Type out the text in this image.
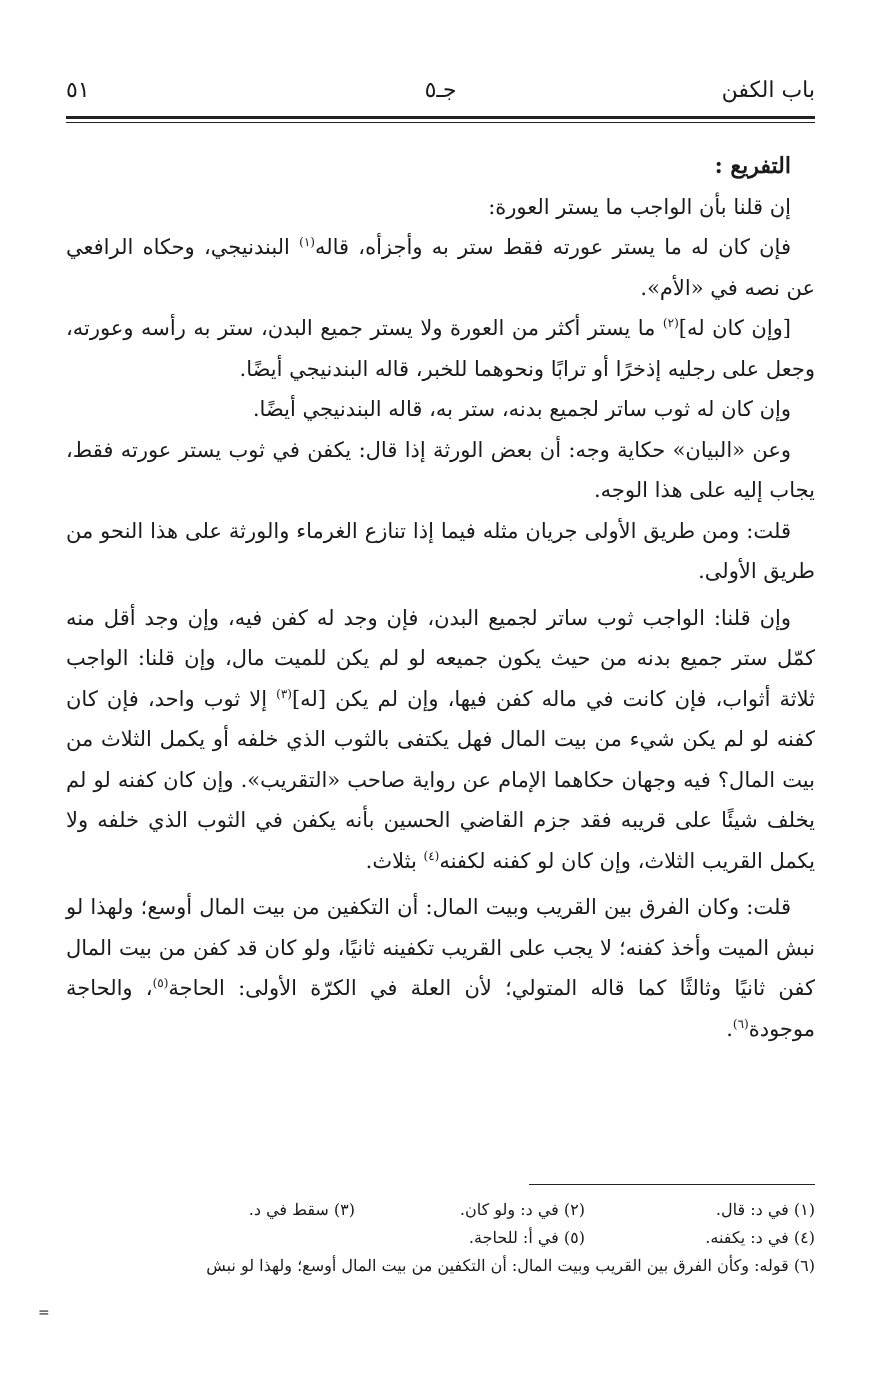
باب الكفن
جـ٥
٥١

التفريع :

إن قلنا بأن الواجب ما يستر العورة:

فإن كان له ما يستر عورته فقط ستر به وأجزأه، قاله$^{(١)}$ البندنيجي، وحكاه الرافعي عن نصه في «الأم».

[وإن كان له]$^{(٢)}$ ما يستر أكثر من العورة ولا يستر جميع البدن، ستر به رأسه وعورته، وجعل على رجليه إذخرًا أو ترابًا ونحوهما للخبر، قاله البندنيجي أيضًا.

وإن كان له ثوب ساتر لجميع بدنه، ستر به، قاله البندنيجي أيضًا.

وعن «البيان» حكاية وجه: أن بعض الورثة إذا قال: يكفن في ثوب يستر عورته فقط، يجاب إليه على هذا الوجه.

قلت: ومن طريق الأولى جريان مثله فيما إذا تنازع الغرماء والورثة على هذا النحو من طريق الأولى.

وإن قلنا: الواجب ثوب ساتر لجميع البدن، فإن وجد له كفن فيه، وإن وجد أقل منه كمّل ستر جميع بدنه من حيث يكون جميعه لو لم يكن للميت مال، وإن قلنا: الواجب ثلاثة أثواب، فإن كانت في ماله كفن فيها، وإن لم يكن [له]$^{(٣)}$ إلا ثوب واحد، فإن كان كفنه لو لم يكن شيء من بيت المال فهل يكتفى بالثوب الذي خلفه أو يكمل الثلاث من بيت المال؟ فيه وجهان حكاهما الإمام عن رواية صاحب «التقريب». وإن كان كفنه لو لم يخلف شيئًا على قريبه فقد جزم القاضي الحسين بأنه يكفن في الثوب الذي خلفه ولا يكمل القريب الثلاث، وإن كان لو كفنه لكفنه$^{(٤)}$ بثلاث.

قلت: وكان الفرق بين القريب وبيت المال: أن التكفين من بيت المال أوسع؛ ولهذا لو نبش الميت وأخذ كفنه؛ لا يجب على القريب تكفينه ثانيًا، ولو كان قد كفن من بيت المال كفن ثانيًا وثالثًا كما قاله المتولي؛ لأن العلة في الكرّة الأولى: الحاجة$^{(٥)}$، والحاجة موجودة$^{(٦)}$.

(١) في د: قال.(٢) في د: ولو كان.(٣) سقط في د.
(٤) في د: يكفنه.(٥) في أ: للحاجة.
(٦) قوله: وكأن الفرق بين القريب وبيت المال: أن التكفين من بيت المال أوسع؛ ولهذا لو نبش
=
